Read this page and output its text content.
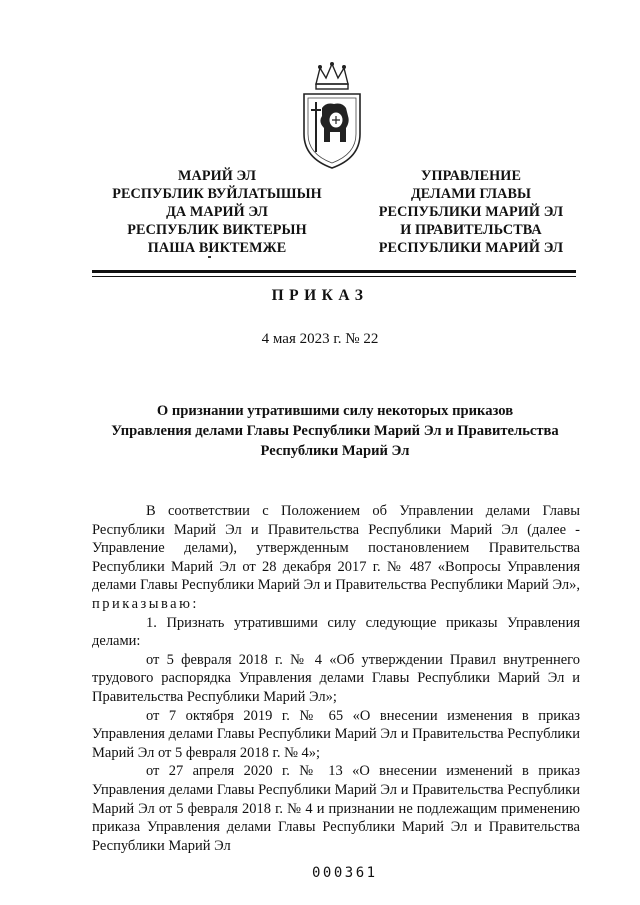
МАРИЙ ЭЛ
РЕСПУБЛИК ВУЙЛАТЫШЫН
ДА МАРИЙ ЭЛ
РЕСПУБЛИК ВИКТЕРЫН
ПАША ВИКТЕМЖЕ
УПРАВЛЕНИЕ
ДЕЛАМИ ГЛАВЫ
РЕСПУБЛИКИ МАРИЙ ЭЛ
И ПРАВИТЕЛЬСТВА
РЕСПУБЛИКИ МАРИЙ ЭЛ
ПРИКАЗ
4 мая 2023 г. № 22
О признании утратившими силу некоторых приказов
Управления делами Главы Республики Марий Эл и Правительства
Республики Марий Эл

В соответствии с Положением об Управлении делами Главы Республики Марий Эл и Правительства Республики Марий Эл (далее - Управление делами), утвержденным постановлением Правительства Республики Марий Эл от 28 декабря 2017 г. № 487 «Вопросы Управления делами Главы Республики Марий Эл и Правительства Республики Марий Эл», приказываю:

1. Признать утратившими силу следующие приказы Управления делами:

от 5 февраля 2018 г. № 4 «Об утверждении Правил внутреннего трудового распорядка Управления делами Главы Республики Марий Эл и Правительства Республики Марий Эл»;

от 7 октября 2019 г. № 65 «О внесении изменения в приказ Управления делами Главы Республики Марий Эл и Правительства Республики Марий Эл от 5 февраля 2018 г. № 4»;

от 27 апреля 2020 г. № 13 «О внесении изменений в приказ Управления делами Главы Республики Марий Эл и Правительства Республики Марий Эл от 5 февраля 2018 г. № 4 и признании не подлежащим применению приказа Управления делами Главы Республики Марий Эл и Правительства Республики Марий Эл

000361
